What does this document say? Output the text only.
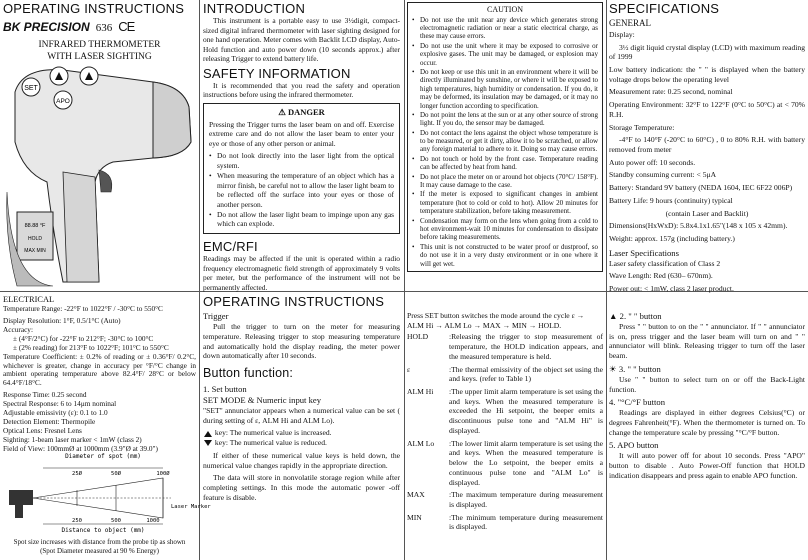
OPERATING INSTRUCTIONS
BK PRECISION 636 CE
INFRARED THERMOMETER
WITH LASER SIGHTING
SET
APO
88.88 °F
HOLD
MAX MIN
INTRODUCTION

This instrument is a portable easy to use 3½digit, compact-sized digital infrared thermometer with laser sighting designed for one hand operation. Meter comes with Backlit LCD display, Auto-Hold function and auto power down (10 seconds approx.) after releasing Trigger to extend battery life.

SAFETY INFORMATION

It is recommended that you read the safety and operation instructions before using the infrared thermometer.

⚠ DANGER

Pressing the Trigger turns the laser beam on and off. Exercise extreme care and do not allow the laser beam to enter your eye or those of any other person or animal.

• Do not look directly into the laser light from the optical system.
• When measuring the temperature of an object which has a mirror finish, be careful not to allow the laser light beam to be reflected off the surface into your eyes or those of another person.
• Do not allow the laser light beam to impinge upon any gas which can explode.
EMC/RFI

Readings may be affected if the unit is operated within a radio frequency electromagnetic field strength of approximately 9 volts per meter, but the performance of the instrument will not be permanently affected.

CAUTION
• Do not use the unit near any device which generates strong electromagnetic radiation or near a static electrical charge, as these may cause errors.
• Do not use the unit where it may be exposed to corrosive or explosive gases. The unit may be damaged, or explosion may occur.
• Do not keep or use this unit in an environment where it will be directly illuminated by sunshine, or where it will be exposed to high temperatures, high humidity or condensation. If you do, it may be deformed, its insulation may be damaged, or it may no longer function according to specification.
• Do not point the lens at the sun or at any other source of strong light. If you do, the sensor may be damaged.
• Do not contact the lens against the object whose temperature is to be measured, or get it dirty, allow it to be scratched, or allow any foreign material to adhere to it. Doing so may cause errors.
• Do not touch or hold by the front case. Temperature reading can be affected by heat from hand.
• Do not place the meter on or around hot objects (70°C/ 158°F). It may cause damage to the case.
• If the meter is exposed to significant changes in ambient temperature (hot to cold or cold to hot). Allow 20 minutes for temperature stabilization, before taking measurement.
• Condensation may form on the lens when going from a cold to hot environment-wait 10 minutes for condensation to dissipate before taking measurements.
• This unit is not constructed to be water proof or dustproof, so do not use it in a very dusty environment or in one where it will get wet.
SPECIFICATIONS
GENERAL

Display:

3½ digit liquid crystal display (LCD) with maximum reading of 1999

Low battery indication: the " " is displayed when the battery voltage drops below the operating level

Measurement rate: 0.25 second, nominal

Operating Environment: 32°F to 122°F (0°C to 50°C) at < 70% R.H.

Storage Temperature:

-4°F to 140°F (-20°C to 60°C) , 0 to 80% R.H. with battery removed from meter

Auto power off: 10 seconds.

Standby consuming current: < 5μA

Battery: Standard 9V battery (NEDA 1604, IEC 6F22 006P)

Battery Life: 9 hours (continuity) typical

(contain Laser and Backlit)

Dimensions(HxWxD): 5.8x4.1x1.65"(148 x 105 x 42mm).

Weight: approx. 157g (including battery.)

Laser Specifications

Laser safety classification of Class 2

Wave Length: Red (630– 670nm).

Power out: < 1mW, class 2 laser product.

ELECTRICAL

Temperature Range: -22°F to 1022°F / -30°C to 550°C

Display Resolution: 1°F, 0.5/1°C (Auto)

Accuracy:

± (4°F/2°C) for -22°F to 212°F; -30°C to 100°C

± (2% reading) for 213°F to 1022°F; 101°C to 550°C

Temperature Coefficient: ± 0.2% of reading or ± 0.36°F/ 0.2°C, whichever is greater, change in accuracy per °F/°C change in ambient operating temperature above 82.4°F/ 28°C or below 64.4°F/18°C.

Response Time: 0.25 second

Spectral Response: 6 to 14μm nominal

Adjustable emissivity (ε): 0.1 to 1.0

Detection Element: Thermopile

Optical Lens: Fresnel Lens

Sighting: 1-beam laser marker < 1mW (class 2)

Field of View: 100mmØ at 1000mm (3.9"Ø at 39.0")

Diameter of spot (mm)
25Ø	50Ø	100Ø
Laser Marker
250	500	1000
Distance to object (mm)
Spot size increases with distance from the probe tip as shown
(Spot Diameter measured at 90 % Energy)
OPERATING INSTRUCTIONS
Trigger

Pull the trigger to turn on the meter for measuring temperature. Releasing trigger to stop measuring temperature and automatically hold the display reading, the meter power down automatically after 10 seconds.

Button function:
1. Set button
SET MODE & Numeric input key

"SET" annunciator appears when a numerical value can be set ( during setting of ε, ALM Hi and ALM Lo).

key: The numerical value is increased.
key: The numerical value is reduced.

If either of these numerical value keys is held down, the numerical value changes rapidly in the appropriate direction.

The data will store in nonvolatile storage region while after completing settings. In this mode the automatic power -off feature is disable.

Press SET button switches the mode around the cycle ε →
ALM Hi → ALM Lo → MAX → MIN → HOLD.
HOLD	:Releasing the trigger to stop measurement of temperature, the HOLD indication appears, and the measured temperature is held.
ε	:The thermal emissivity of the object set using the and keys. (refer to Table 1)
ALM Hi	:The upper limit alarm temperature is set using the and keys. When the measured temperature is exceeded the Hi setpoint, the beeper emits a discontinuous pulse tone and "ALM Hi" is displayed.
ALM Lo	:The lower limit alarm temperature is set using the and keys. When the measured temperature is below the Lo setpoint, the beeper emits a continuous pulse tone and "ALM Lo" is displayed.
MAX	:The maximum temperature during measurement is displayed.
MIN	:The minimum temperature during measurement is displayed.
▲ 2. " " button

Press " " button to on the " " annunciator. If " " annunciator is on, press trigger and the laser beam will turn on and " " annunciator will blink. Releasing trigger to turn off the laser beam.

☀ 3. " " button

Use " " button to select turn on or off the Back-Light function.

4. "°C/°F button

Readings are displayed in either degrees Celsius(°C) or degrees Fahrenheit(°F). When the thermometer is turned on. To change the temperature scale by pressing "°C/°F button.

5. APO button

It will auto power off for about 10 seconds. Press "APO" button to disable . Auto Power-Off function that HOLD indication disappears and press again to enable APO function.
